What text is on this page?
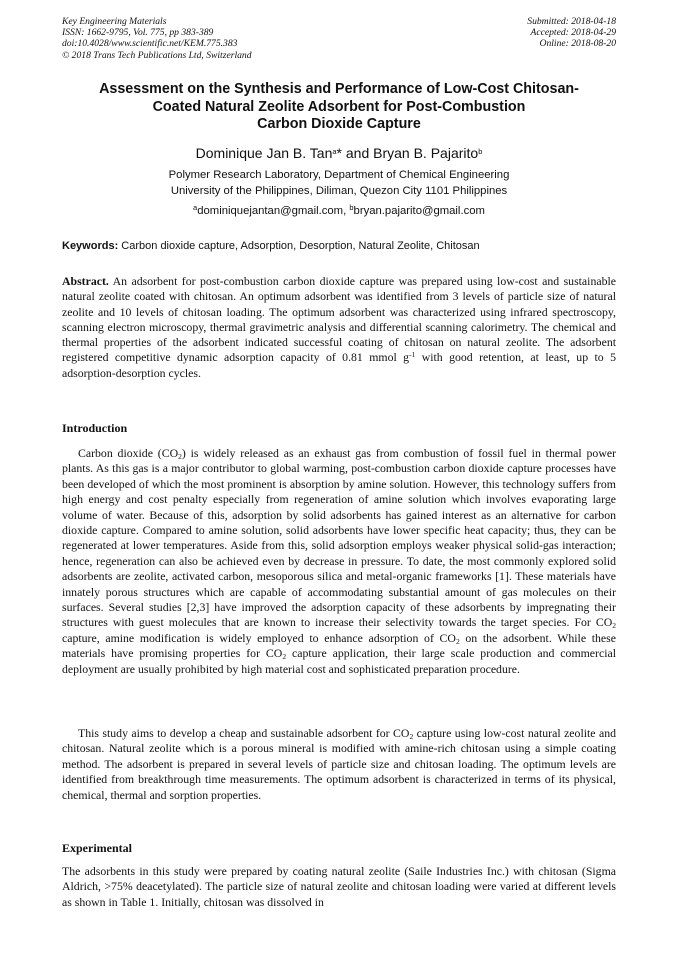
Key Engineering Materials
ISSN: 1662-9795, Vol. 775, pp 383-389
doi:10.4028/www.scientific.net/KEM.775.383
© 2018 Trans Tech Publications Ltd, Switzerland
Submitted: 2018-04-18
Accepted: 2018-04-29
Online: 2018-08-20
Assessment on the Synthesis and Performance of Low-Cost Chitosan-
Coated Natural Zeolite Adsorbent for Post-Combustion
Carbon Dioxide Capture
Dominique Jan B. Tan$^a$* and Bryan B. Pajarito$^b$
Polymer Research Laboratory, Department of Chemical Engineering
University of the Philippines, Diliman, Quezon City 1101 Philippines
$^a$dominiquejantan@gmail.com, $^b$bryan.pajarito@gmail.com
Keywords: Carbon dioxide capture, Adsorption, Desorption, Natural Zeolite, Chitosan
Abstract. An adsorbent for post-combustion carbon dioxide capture was prepared using low-cost and sustainable natural zeolite coated with chitosan. An optimum adsorbent was identified from 3 levels of particle size of natural zeolite and 10 levels of chitosan loading. The optimum adsorbent was characterized using infrared spectroscopy, scanning electron microscopy, thermal gravimetric analysis and differential scanning calorimetry. The chemical and thermal properties of the adsorbent indicated successful coating of chitosan on natural zeolite. The adsorbent registered competitive dynamic adsorption capacity of 0.81 mmol $g^{-1}$ with good retention, at least, up to 5 adsorption-desorption cycles.
Introduction
Carbon dioxide $(CO_2)$ is widely released as an exhaust gas from combustion of fossil fuel in thermal power plants. As this gas is a major contributor to global warming, post-combustion carbon dioxide capture processes have been developed of which the most prominent is absorption by amine solution. However, this technology suffers from high energy and cost penalty especially from regeneration of amine solution which involves evaporating large volume of water. Because of this, adsorption by solid adsorbents has gained interest as an alternative for carbon dioxide capture. Compared to amine solution, solid adsorbents have lower specific heat capacity; thus, they can be regenerated at lower temperatures. Aside from this, solid adsorption employs weaker physical solid-gas interaction; hence, regeneration can also be achieved even by decrease in pressure. To date, the most commonly explored solid adsorbents are zeolite, activated carbon, mesoporous silica and metal-organic frameworks [1]. These materials have innately porous structures which are capable of accommodating substantial amount of gas molecules on their surfaces. Several studies [2,3] have improved the adsorption capacity of these adsorbents by impregnating their structures with guest molecules that are known to increase their selectivity towards the target species. For $CO_2$ capture, amine modification is widely employed to enhance adsorption of $CO_2$ on the adsorbent. While these materials have promising properties for $CO_2$ capture application, their large scale production and commercial deployment are usually prohibited by high material cost and sophisticated preparation procedure.
This study aims to develop a cheap and sustainable adsorbent for $CO_2$ capture using low-cost natural zeolite and chitosan. Natural zeolite which is a porous mineral is modified with amine-rich chitosan using a simple coating method. The adsorbent is prepared in several levels of particle size and chitosan loading. The optimum levels are identified from breakthrough time measurements. The optimum adsorbent is characterized in terms of its physical, chemical, thermal and sorption properties.
Experimental
The adsorbents in this study were prepared by coating natural zeolite (Saile Industries Inc.) with chitosan (Sigma Aldrich, >75% deacetylated). The particle size of natural zeolite and chitosan loading were varied at different levels as shown in Table 1. Initially, chitosan was dissolved in
